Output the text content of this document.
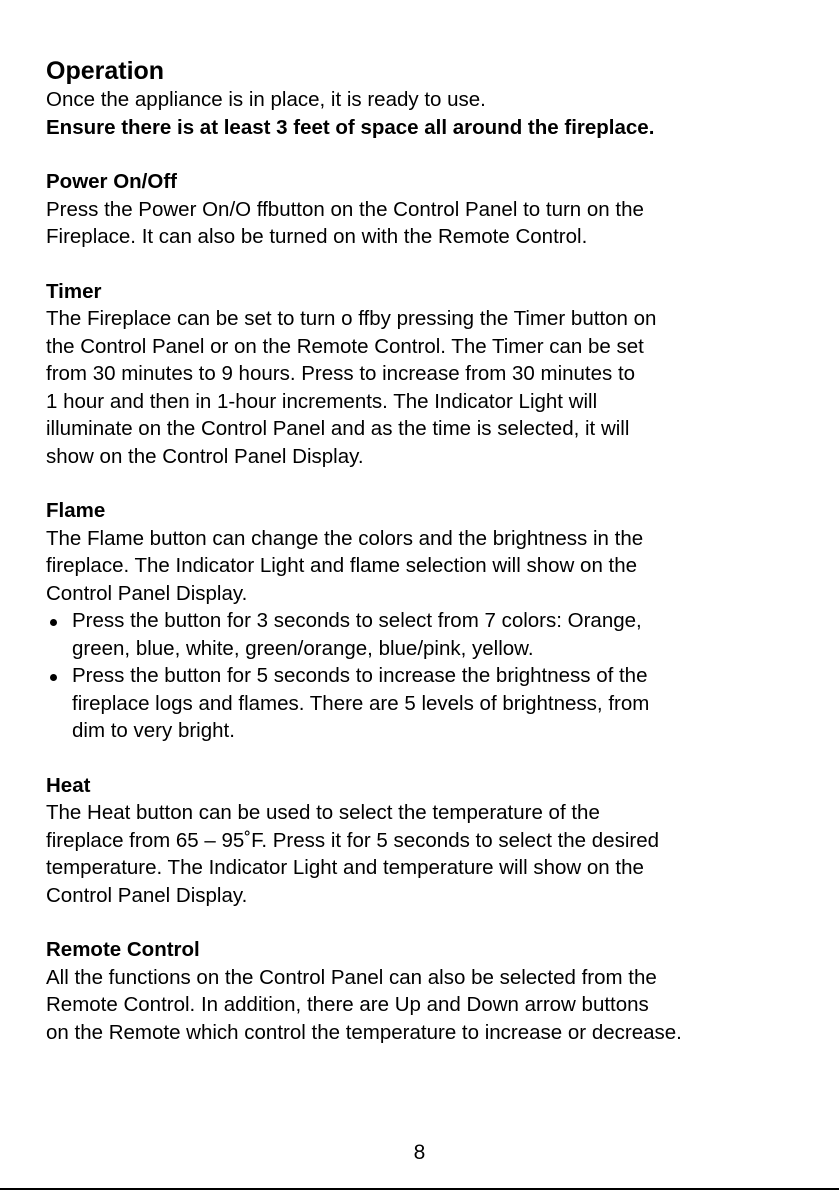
Operation
Once the appliance is in place, it is ready to use.
Ensure there is at least 3 feet of space all around the fireplace.
Power On/Off
Press the Power On/O ffbutton on the Control Panel to turn on the
Fireplace. It can also be turned on with the Remote Control.
Timer
The Fireplace can be set to turn o ffby pressing the Timer button on
the Control Panel or on the Remote Control. The Timer can be set
from 30 minutes to 9 hours. Press to increase from 30 minutes to
1 hour and then in 1-hour increments. The Indicator Light will
illuminate on the Control Panel and as the time is selected, it will
show on the Control Panel Display.
Flame
The Flame button can change the colors and the brightness in the
fireplace. The Indicator Light and flame selection will show on the
Control Panel Display.
Press the button for 3 seconds to select from 7 colors: Orange,
green, blue, white, green/orange, blue/pink, yellow.
Press the button for 5 seconds to increase the brightness of the
fireplace logs and flames. There are 5 levels of brightness, from
dim to very bright.
Heat
The Heat button can be used to select the temperature of the
fireplace from 65 – 95˚F. Press it for 5 seconds to select the desired
temperature. The Indicator Light and temperature will show on the
Control Panel Display.
Remote Control
All the functions on the Control Panel can also be selected from the
Remote Control. In addition, there are Up and Down arrow buttons
on the Remote which control the temperature to increase or decrease.
8
